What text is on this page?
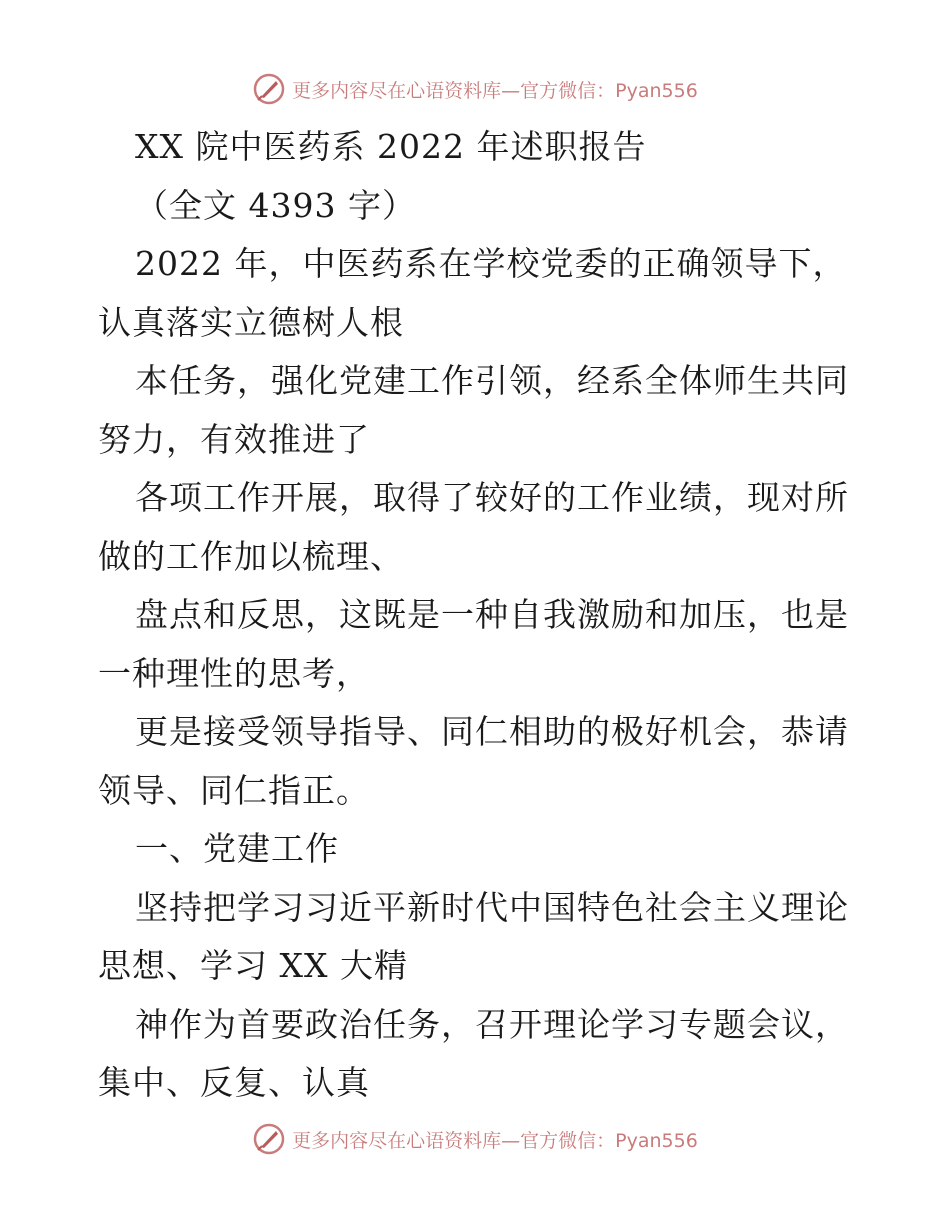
更多内容尽在心语资料库—官方微信：Pyan556
XX 院中医药系 2022 年述职报告
（全文 4393 字）
2022 年，中医药系在学校党委的正确领导下，
认真落实立德树人根
本任务，强化党建工作引领，经系全体师生共同
努力，有效推进了
各项工作开展，取得了较好的工作业绩，现对所
做的工作加以梳理、
盘点和反思，这既是一种自我激励和加压，也是
一种理性的思考，
更是接受领导指导、同仁相助的极好机会，恭请
领导、同仁指正。
一、党建工作
坚持把学习习近平新时代中国特色社会主义理论
思想、学习 XX 大精
神作为首要政治任务，召开理论学习专题会议，
集中、反复、认真
更多内容尽在心语资料库—官方微信：Pyan556
